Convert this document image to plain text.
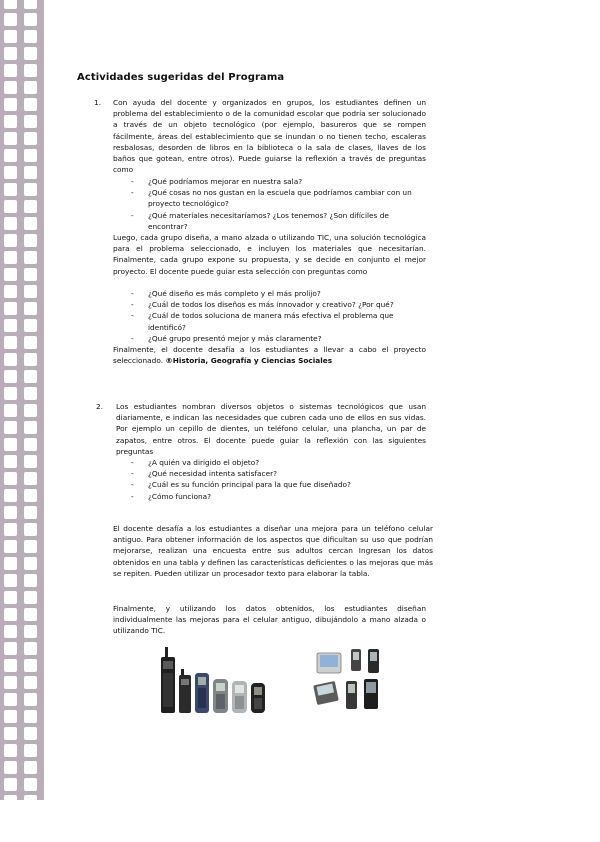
Actividades sugeridas del Programa
1. Con ayuda del docente y organizados en grupos, los estudiantes definen un problema del establecimiento o de la comunidad escolar que podría ser solucionado a través de un objeto tecnológico (por ejemplo, basureros que se rompen fácilmente, áreas del establecimiento que se inundan o no tienen techo, escaleras resbalosas, desorden de libros en la biblioteca o la sala de clases, llaves de los baños que gotean, entre otros). Puede guiarse la reflexión a través de preguntas como

- ¿Qué podríamos mejorar en nuestra sala?
- ¿Qué cosas no nos gustan en la escuela que podríamos cambiar con un proyecto tecnológico?
- ¿Qué materiales necesitaríamos? ¿Los tenemos? ¿Son difíciles de encontrar?

Luego, cada grupo diseña, a mano alzada o utilizando TIC, una solución tecnológica para el problema seleccionado, e incluyen los materiales que necesitarían. Finalmente, cada grupo expone su propuesta, y se decide en conjunto el mejor proyecto. El docente puede guiar esta selección con preguntas como

- ¿Qué diseño es más completo y el más prolijo?
- ¿Cuál de todos los diseños es más innovador y creativo? ¿Por qué?
- ¿Cuál de todos soluciona de manera más efectiva el problema que identificó?
- ¿Qué grupo presentó mejor y más claramente?

Finalmente, el docente desafía a los estudiantes a llevar a cabo el proyecto seleccionado. ®Historia, Geografía y Ciencias Sociales

2. Los estudiantes nombran diversos objetos o sistemas tecnológicos que usan diariamente, e indican las necesidades que cubren cada uno de ellos en sus vidas. Por ejemplo un cepillo de dientes, un teléfono celular, una plancha, un par de zapatos, entre otros. El docente puede guiar la reflexión con las siguientes preguntas

- ¿A quién va dirigido el objeto?
- ¿Qué necesidad intenta satisfacer?
- ¿Cuál es su función principal para la que fue diseñado?
- ¿Cómo funciona?

El docente desafía a los estudiantes a diseñar una mejora para un teléfono celular antiguo. Para obtener información de los aspectos que dificultan su uso que podrían mejorarse, realizan una encuesta entre sus adultos cercan Ingresan los datos obtenidos en una tabla y definen las características deficientes o las mejoras que más se repiten. Pueden utilizar un procesador texto para elaborar la tabla.

Finalmente, y utilizando los datos obtenidos, los estudiantes diseñan individualmente las mejoras para el celular antiguo, dibujándolo a mano alzada o utilizando TIC.
